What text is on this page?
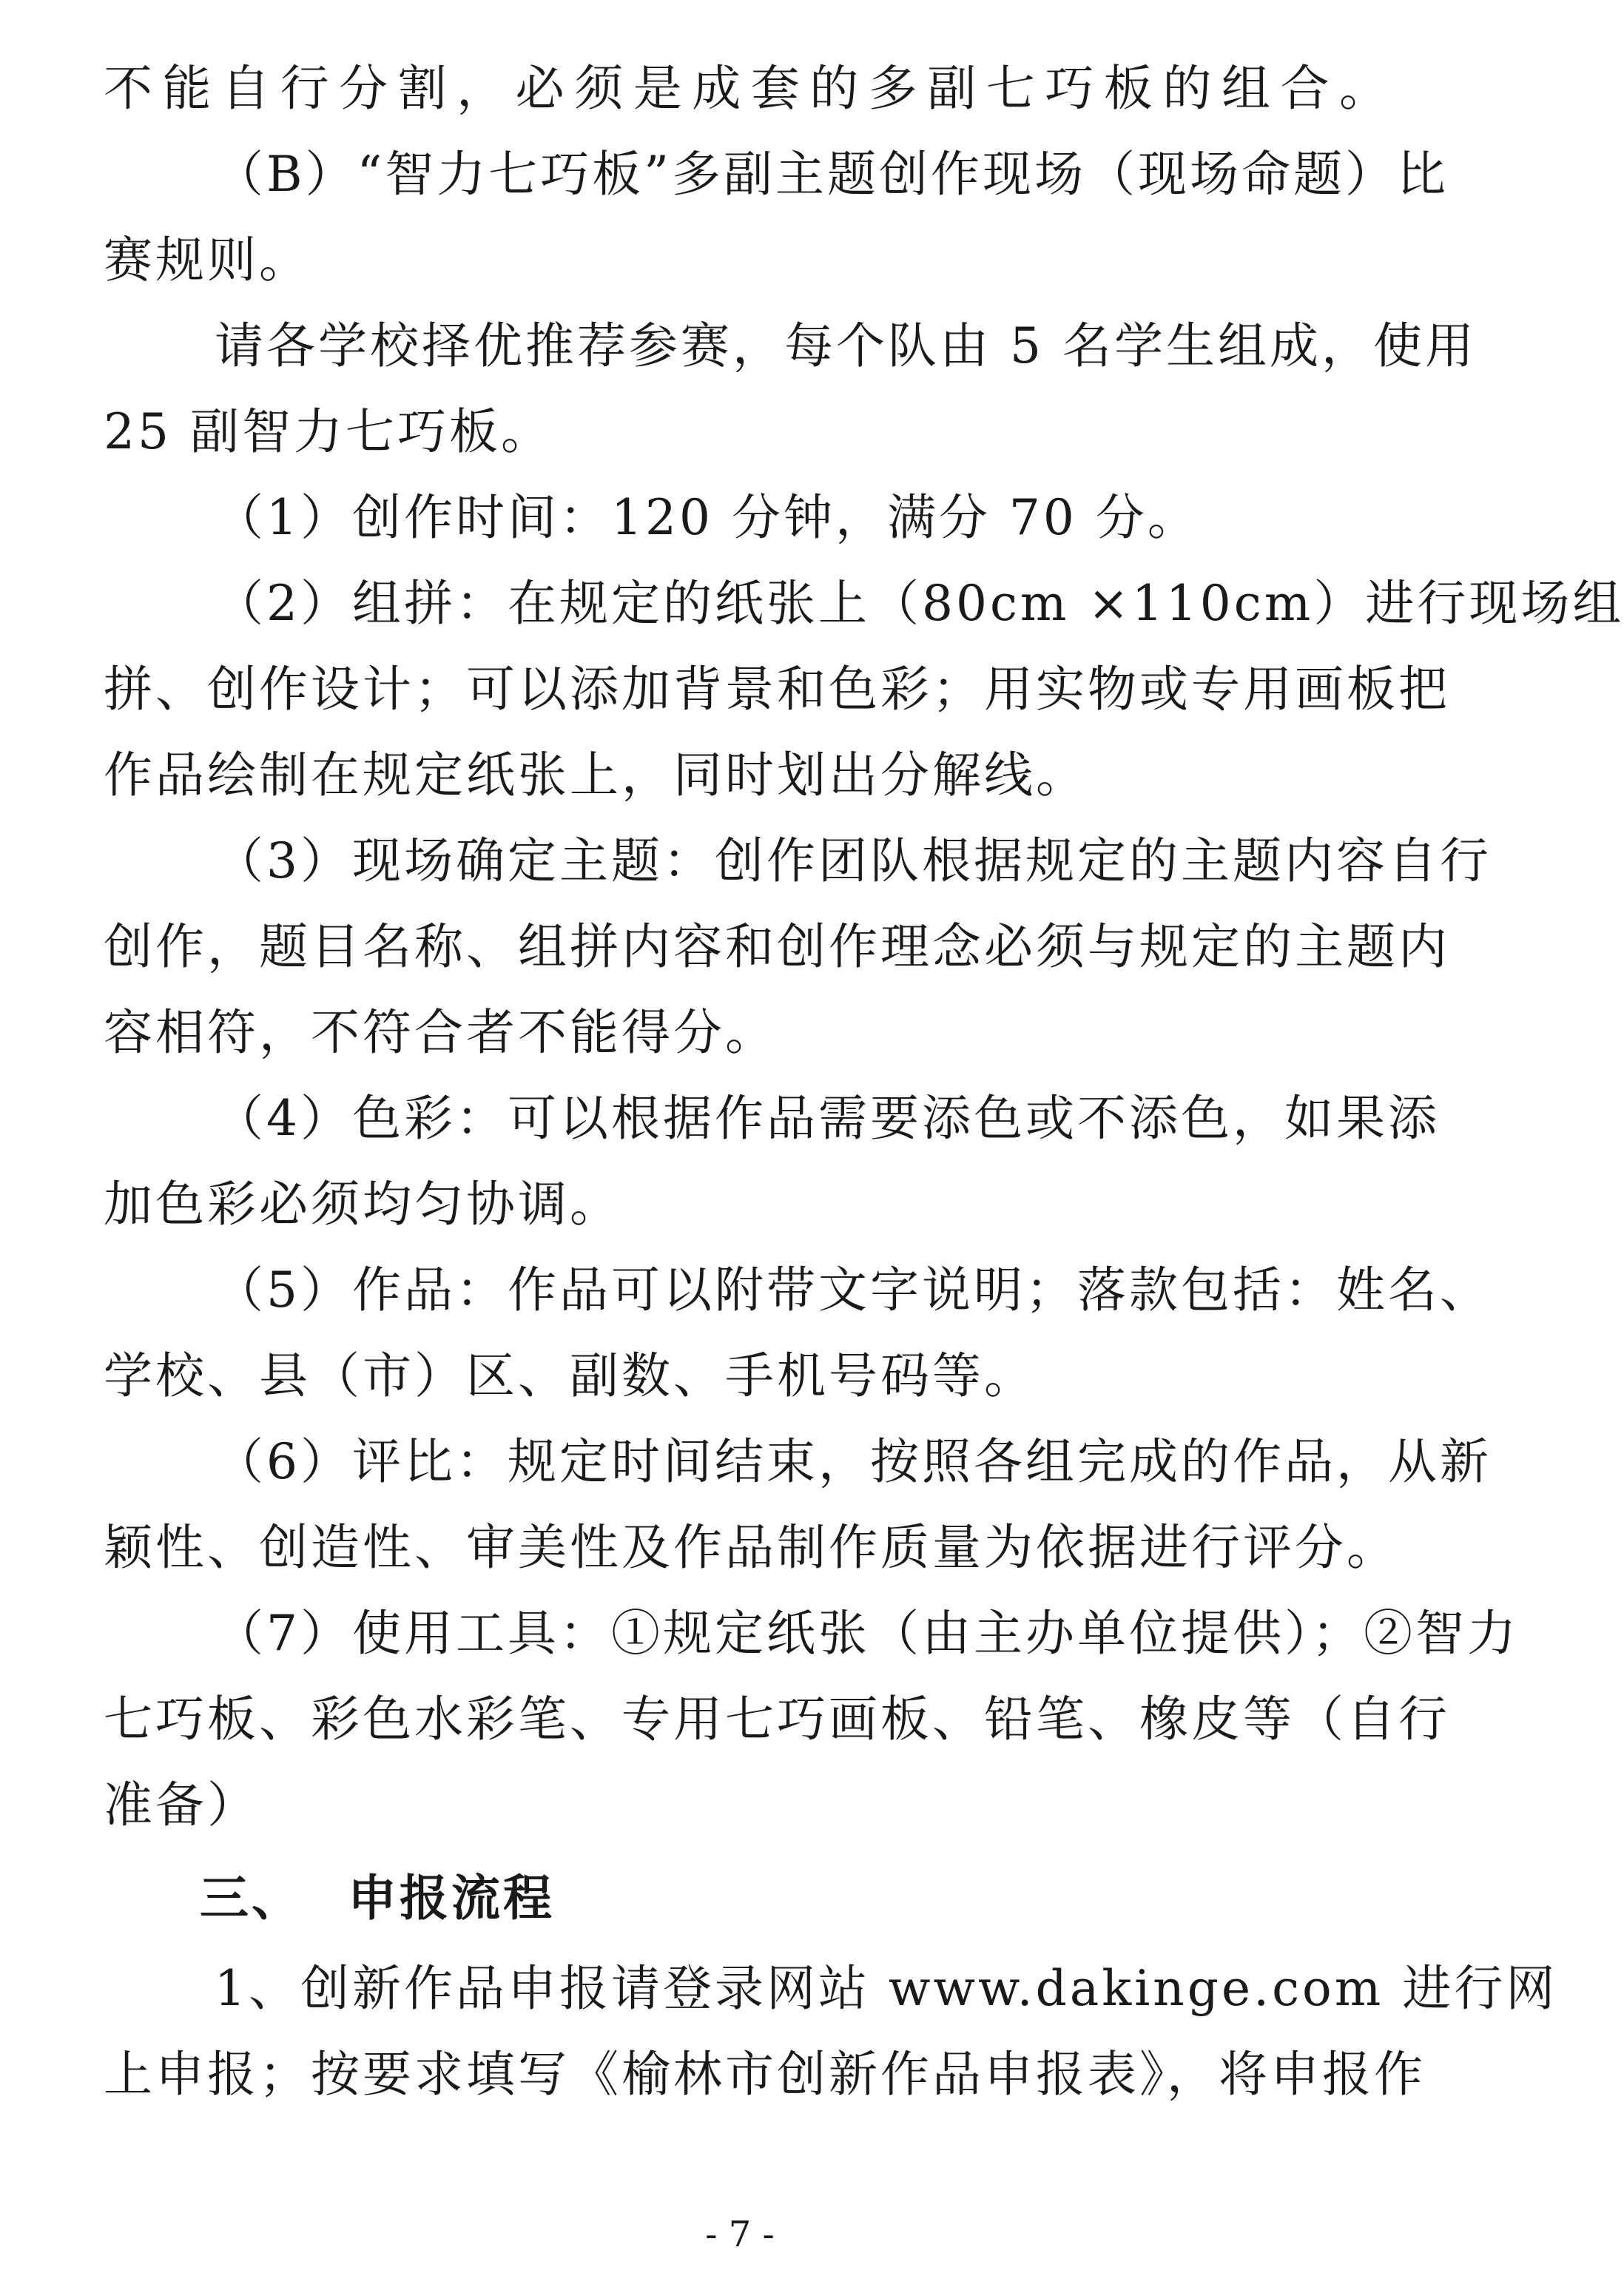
不能自行分割，必须是成套的多副七巧板的组合。
（B）“智力七巧板”多副主题创作现场（现场命题）比
赛规则。
请各学校择优推荐参赛，每个队由 5 名学生组成，使用
25 副智力七巧板。
（1）创作时间：120 分钟，满分 70 分。
（2）组拼：在规定的纸张上（80cm ×110cm）进行现场组
拼、创作设计；可以添加背景和色彩；用实物或专用画板把
作品绘制在规定纸张上，同时划出分解线。
（3）现场确定主题：创作团队根据规定的主题内容自行
创作，题目名称、组拼内容和创作理念必须与规定的主题内
容相符，不符合者不能得分。
（4）色彩：可以根据作品需要添色或不添色，如果添
加色彩必须均匀协调。
（5）作品：作品可以附带文字说明；落款包括：姓名、
学校、县（市）区、副数、手机号码等。
（6）评比：规定时间结束，按照各组完成的作品，从新
颖性、创造性、审美性及作品制作质量为依据进行评分。
（7）使用工具：①规定纸张（由主办单位提供）；②智力
七巧板、彩色水彩笔、专用七巧画板、铅笔、橡皮等（自行
准备）
三、 申报流程
1、创新作品申报请登录网站 www.dakinge.com 进行网
上申报；按要求填写《榆林市创新作品申报表》，将申报作
- 7 -
